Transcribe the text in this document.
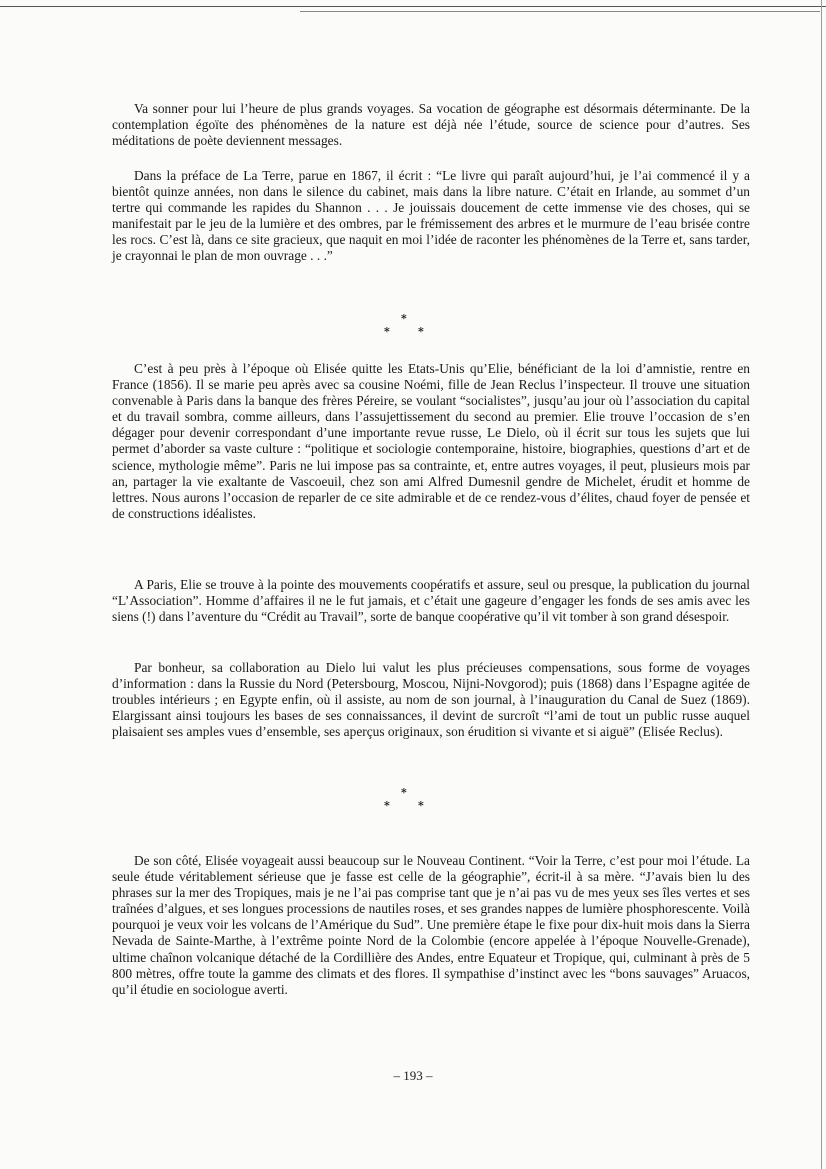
Va sonner pour lui l’heure de plus grands voyages. Sa vocation de géographe est désormais déterminante. De la contemplation égoïte des phénomènes de la nature est déjà née l’étude, source de science pour d’autres. Ses méditations de poète deviennent messages.

Dans la préface de La Terre, parue en 1867, il écrit : “Le livre qui paraît aujourd’hui, je l’ai commencé il y a bientôt quinze années, non dans le silence du cabinet, mais dans la libre nature. C’était en Irlande, au sommet d’un tertre qui commande les rapides du Shannon . . . Je jouissais doucement de cette immense vie des choses, qui se manifestait par le jeu de la lumière et des ombres, par le frémissement des arbres et le murmure de l’eau brisée contre les rocs. C’est là, dans ce site gracieux, que naquit en moi l’idée de raconter les phénomènes de la Terre et, sans tarder, je crayonnai le plan de mon ouvrage . . .”

*
*	*

C’est à peu près à l’époque où Elisée quitte les Etats-Unis qu’Elie, bénéficiant de la loi d’amnistie, rentre en France (1856). Il se marie peu après avec sa cousine Noémi, fille de Jean Reclus l’inspecteur. Il trouve une situation convenable à Paris dans la banque des frères Péreire, se voulant “socialistes”, jusqu’au jour où l’association du capital et du travail sombra, comme ailleurs, dans l’assujettissement du second au premier. Elie trouve l’occasion de s’en dégager pour devenir correspondant d’une importante revue russe, Le Dielo, où il écrit sur tous les sujets que lui permet d’aborder sa vaste culture : “politique et sociologie contemporaine, histoire, biographies, questions d’art et de science, mythologie même”. Paris ne lui impose pas sa contrainte, et, entre autres voyages, il peut, plusieurs mois par an, partager la vie exaltante de Vascoeuil, chez son ami Alfred Dumesnil gendre de Michelet, érudit et homme de lettres. Nous aurons l’occasion de reparler de ce site admirable et de ce rendez-vous d’élites, chaud foyer de pensée et de constructions idéalistes.

A Paris, Elie se trouve à la pointe des mouvements coopératifs et assure, seul ou presque, la publication du journal “L’Association”. Homme d’affaires il ne le fut jamais, et c’était une gageure d’engager les fonds de ses amis avec les siens (!) dans l’aventure du “Crédit au Travail”, sorte de banque coopérative qu’il vit tomber à son grand désespoir.

Par bonheur, sa collaboration au Dielo lui valut les plus précieuses compensations, sous forme de voyages d’information : dans la Russie du Nord (Petersbourg, Moscou, Nijni-Novgorod); puis (1868) dans l’Espagne agitée de troubles intérieurs ; en Egypte enfin, où il assiste, au nom de son journal, à l’inauguration du Canal de Suez (1869). Elargissant ainsi toujours les bases de ses connaissances, il devint de surcroît “l’ami de tout un public russe auquel plaisaient ses amples vues d’ensemble, ses aperçus originaux, son érudition si vivante et si aiguë” (Elisée Reclus).

*
*	*

De son côté, Elisée voyageait aussi beaucoup sur le Nouveau Continent. “Voir la Terre, c’est pour moi l’étude. La seule étude véritablement sérieuse que je fasse est celle de la géographie”, écrit-il à sa mère. “J’avais bien lu des phrases sur la mer des Tropiques, mais je ne l’ai pas comprise tant que je n’ai pas vu de mes yeux ses îles vertes et ses traînées d’algues, et ses longues processions de nautiles roses, et ses grandes nappes de lumière phosphorescente. Voilà pourquoi je veux voir les volcans de l’Amérique du Sud”. Une première étape le fixe pour dix-huit mois dans la Sierra Nevada de Sainte-Marthe, à l’extrême pointe Nord de la Colombie (encore appelée à l’époque Nouvelle-Grenade), ultime chaînon volcanique détaché de la Cordillière des Andes, entre Equateur et Tropique, qui, culminant à près de 5 800 mètres, offre toute la gamme des climats et des flores. Il sympathise d’instinct avec les “bons sauvages” Aruacos, qu’il étudie en sociologue averti.

– 193 –
